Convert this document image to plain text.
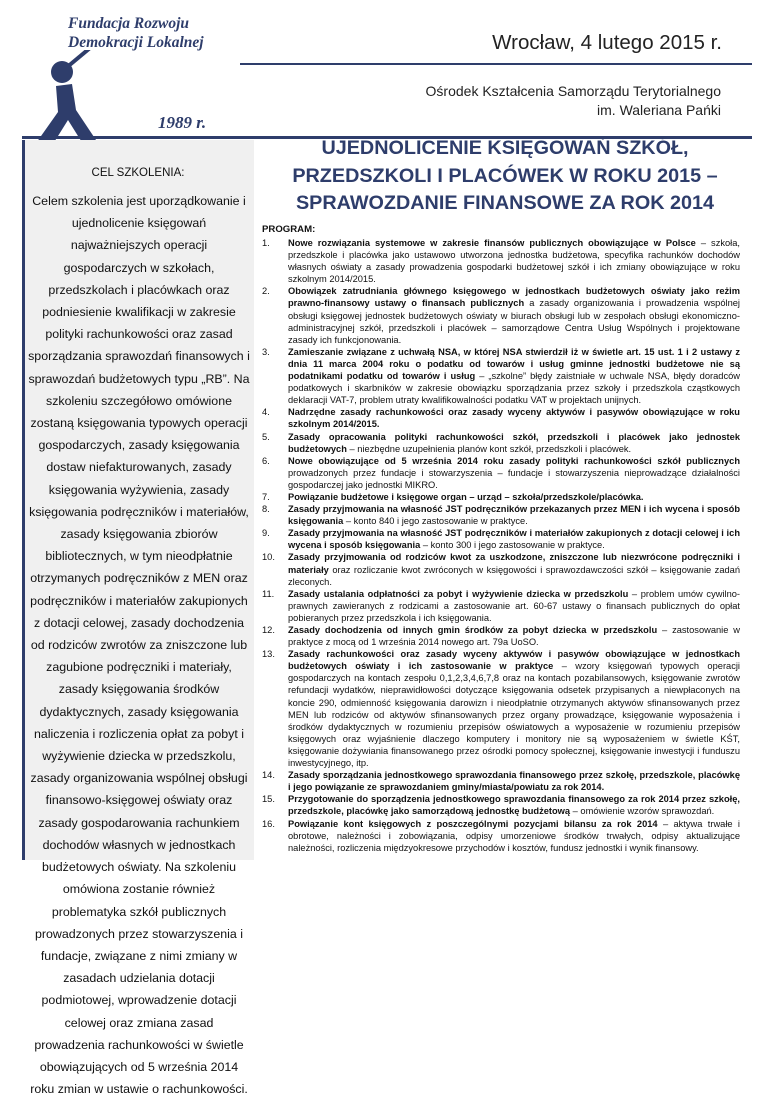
Fundacja Rozwoju
Demokracji Lokalnej
1989 r.
Wrocław, 4 lutego 2015 r.
Ośrodek Kształcenia Samorządu Terytorialnego
im. Waleriana Pańki
CEL SZKOLENIA:
Celem szkolenia jest uporządkowanie i ujednolicenie księgowań najważniejszych operacji gospodarczych w szkołach, przedszkolach i placówkach oraz podniesienie kwalifikacji w zakresie polityki rachunkowości oraz zasad sporządzania sprawozdań finansowych i sprawozdań budżetowych typu „RB”. Na szkoleniu szczegółowo omówione zostaną księgowania typowych operacji gospodarczych, zasady księgowania dostaw niefakturowanych, zasady księgowania wyżywienia, zasady księgowania podręczników i materiałów, zasady księgowania zbiorów bibliotecznych, w tym nieodpłatnie otrzymanych podręczników z MEN oraz podręczników i materiałów zakupionych z dotacji celowej, zasady dochodzenia od rodziców zwrotów za zniszczone lub zagubione podręczniki i materiały, zasady księgowania środków dydaktycznych, zasady księgowania naliczenia i rozliczenia opłat za pobyt i wyżywienie dziecka w przedszkolu, zasady organizowania wspólnej obsługi finansowo-księgowej oświaty oraz zasady gospodarowania rachunkiem dochodów własnych w jednostkach budżetowych oświaty. Na szkoleniu omówiona zostanie również problematyka szkół publicznych prowadzonych przez stowarzyszenia i fundacje, związane z nimi zmiany w zasadach udzielania dotacji podmiotowej, wprowadzenie dotacji celowej oraz zmiana zasad prowadzenia rachunkowości w świetle obowiązujących od 5 września 2014 roku zmian w ustawie o rachunkowości.
UJEDNOLICENIE KSIĘGOWAŃ SZKÓŁ, PRZEDSZKOLI I PLACÓWEK W ROKU 2015 – SPRAWOZDANIE FINANSOWE ZA ROK 2014
PROGRAM:
1.	Nowe rozwiązania systemowe w zakresie finansów publicznych obowiązujące w Polsce – szkoła, przedszkole i placówka jako ustawowo utworzona jednostka budżetowa, specyfika rachunków dochodów własnych oświaty a zasady prowadzenia gospodarki budżetowej szkół i ich zmiany obowiązujące w roku szkolnym 2014/2015.
2.	Obowiązek zatrudniania głównego księgowego w jednostkach budżetowych oświaty jako reżim prawno-finansowy ustawy o finansach publicznych a zasady organizowania i prowadzenia wspólnej obsługi księgowej jednostek budżetowych oświaty w biurach obsługi lub w zespołach obsługi ekonomiczno-administracyjnej szkół, przedszkoli i placówek – samorządowe Centra Usług Wspólnych i projektowane zasady ich funkcjonowania.
3.	Zamieszanie związane z uchwałą NSA, w której NSA stwierdził iż w świetle art. 15 ust. 1 i 2 ustawy z dnia 11 marca 2004 roku o podatku od towarów i usług gminne jednostki budżetowe nie są podatnikami podatku od towarów i usług – „szkolne” błędy zaistniałe w uchwale NSA, błędy doradców podatkowych i skarbników w zakresie obowiązku sporządzania przez szkoły i przedszkola cząstkowych deklaracji VAT-7, problem utraty kwalifikowalności podatku VAT w projektach unijnych.
4.	Nadrzędne zasady rachunkowości oraz zasady wyceny aktywów i pasywów obowiązujące w roku szkolnym 2014/2015.
5.	Zasady opracowania polityki rachunkowości szkół, przedszkoli i placówek jako jednostek budżetowych – niezbędne uzupełnienia planów kont szkół, przedszkoli i placówek.
6.	Nowe obowiązujące od 5 września 2014 roku zasady polityki rachunkowości szkół publicznych prowadzonych przez fundacje i stowarzyszenia – fundacje i stowarzyszenia nieprowadzące działalności gospodarczej jako jednostki MIKRO.
7.	Powiązanie budżetowe i księgowe organ – urząd – szkoła/przedszkole/placówka.
8.	Zasady przyjmowania na własność JST podręczników przekazanych przez MEN i ich wycena i sposób księgowania – konto 840 i jego zastosowanie w praktyce.
9.	Zasady przyjmowania na własność JST podręczników i materiałów zakupionych z dotacji celowej i ich wycena i sposób księgowania – konto 300 i jego zastosowanie w praktyce.
10.	Zasady przyjmowania od rodziców kwot za uszkodzone, zniszczone lub niezwrócone podręczniki i materiały oraz rozliczanie kwot zwróconych w księgowości i sprawozdawczości szkół – księgowanie zadań zleconych.
11.	Zasady ustalania odpłatności za pobyt i wyżywienie dziecka w przedszkolu – problem umów cywilno-prawnych zawieranych z rodzicami a zastosowanie art. 60-67 ustawy o finansach publicznych do opłat pobieranych przez przedszkola i ich księgowania.
12.	Zasady dochodzenia od innych gmin środków za pobyt dziecka w przedszkolu – zastosowanie w praktyce z mocą od 1 września 2014 nowego art. 79a UoSO.
13.	Zasady rachunkowości oraz zasady wyceny aktywów i pasywów obowiązujące w jednostkach budżetowych oświaty i ich zastosowanie w praktyce – wzory księgowań typowych operacji gospodarczych na kontach zespołu 0,1,2,3,4,6,7,8 oraz na kontach pozabilansowych, księgowanie zwrotów refundacji wydatków, nieprawidłowości dotyczące księgowania odsetek przypisanych a niewpłaconych na koncie 290, odmienność księgowania darowizn i nieodpłatnie otrzymanych aktywów sfinansowanych przez MEN lub rodziców od aktywów sfinansowanych przez organy prowadzące, księgowanie wyposażenia i środków dydaktycznych w rozumieniu przepisów oświatowych a wyposażenie w rozumieniu przepisów księgowych oraz wyjaśnienie dlaczego komputery i monitory nie są wyposażeniem w świetle KŚT, księgowanie dożywiania finansowanego przez ośrodki pomocy społecznej, księgowanie inwestycji i funduszu inwestycyjnego, itp.
14.	Zasady sporządzania jednostkowego sprawozdania finansowego przez szkołę, przedszkole, placówkę i jego powiązanie ze sprawozdaniem gminy/miasta/powiatu za rok 2014.
15.	Przygotowanie do sporządzenia jednostkowego sprawozdania finansowego za rok 2014 przez szkołę, przedszkole, placówkę jako samorządową jednostkę budżetową – omówienie wzorów sprawozdań.
16.	Powiązanie kont księgowych z poszczególnymi pozycjami bilansu za rok 2014 – aktywa trwałe i obrotowe, należności i zobowiązania, odpisy umorzeniowe środków trwałych, odpisy aktualizujące należności, rozliczenia międzyokresowe przychodów i kosztów, fundusz jednostki i wynik finansowy.
